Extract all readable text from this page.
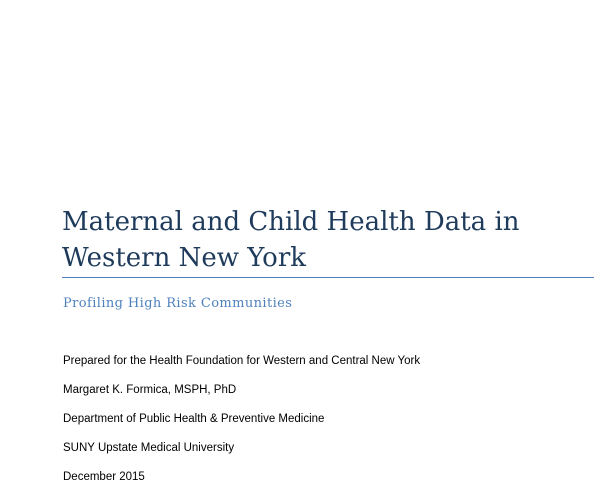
Maternal and Child Health Data in
Western New York

Profiling High Risk Communities

Prepared for the Health Foundation for Western and Central New York

Margaret K. Formica, MSPH, PhD

Department of Public Health & Preventive Medicine

SUNY Upstate Medical University

December 2015
